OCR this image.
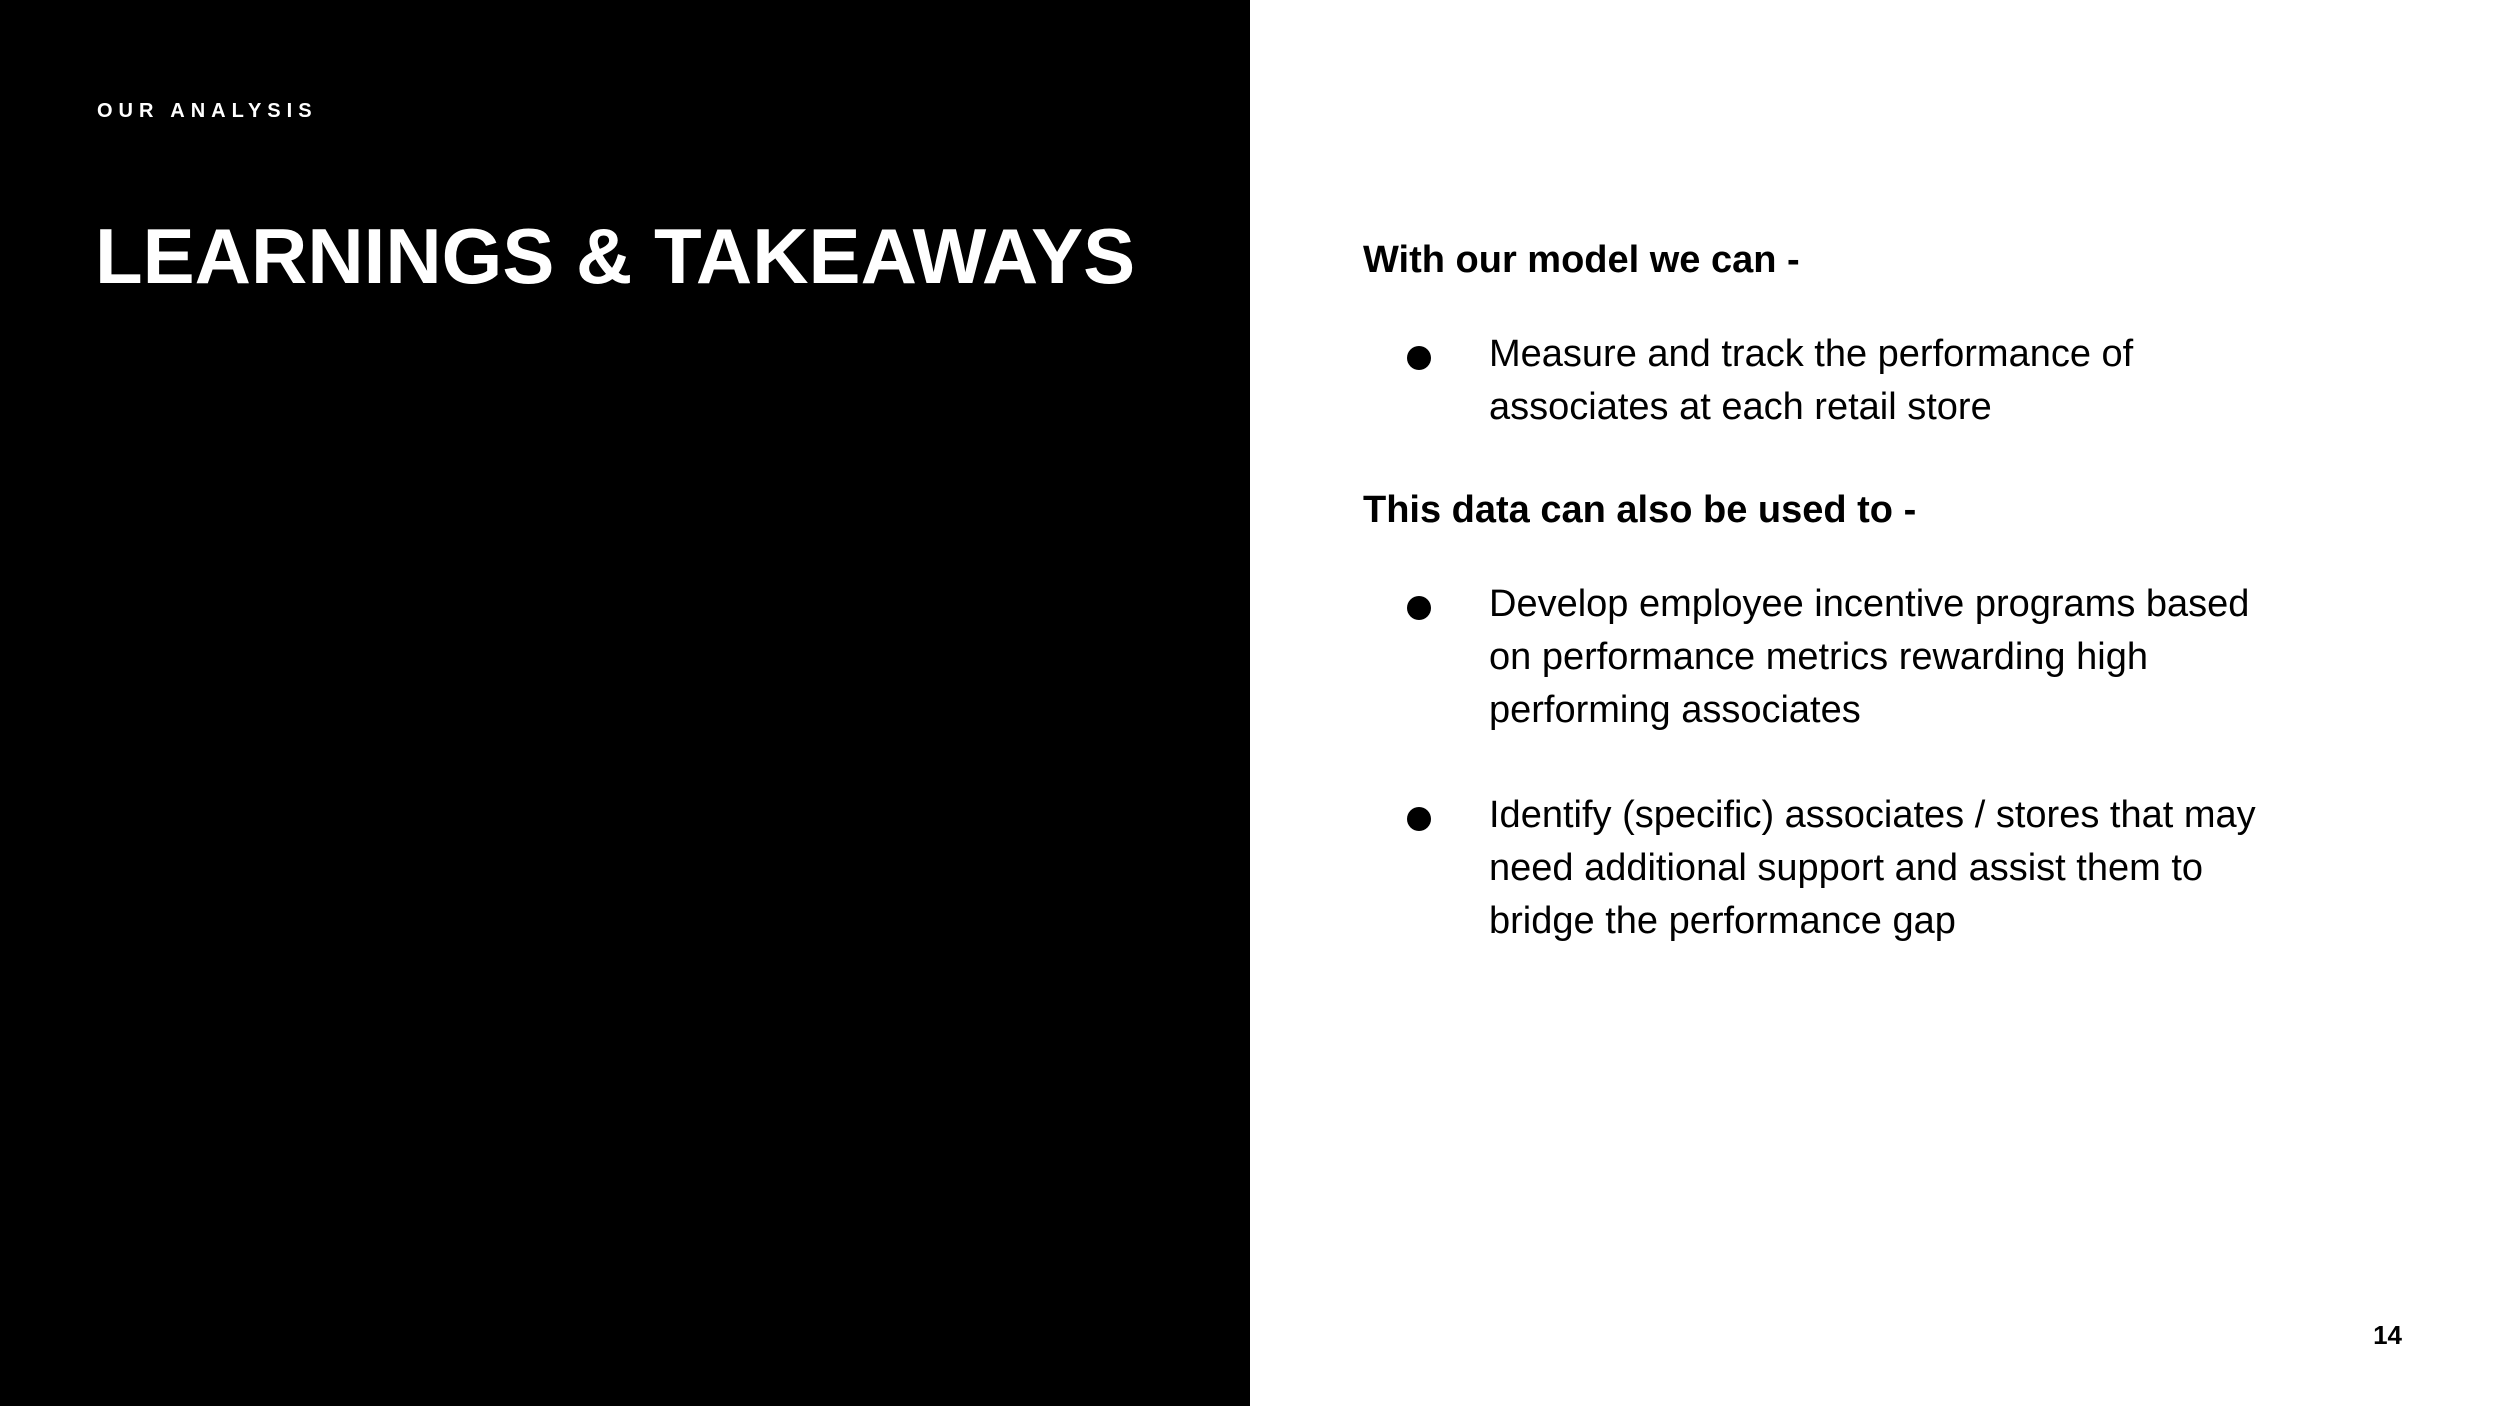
OUR ANALYSIS
LEARNINGS & TAKEAWAYS	With our model we can -

Measure and track the performance of associates at each retail store

This data can also be used to -

Develop employee incentive programs based on performance metrics rewarding high performing associates
Identify (specific) associates / stores that may need additional support and assist them to bridge the performance gap
14
